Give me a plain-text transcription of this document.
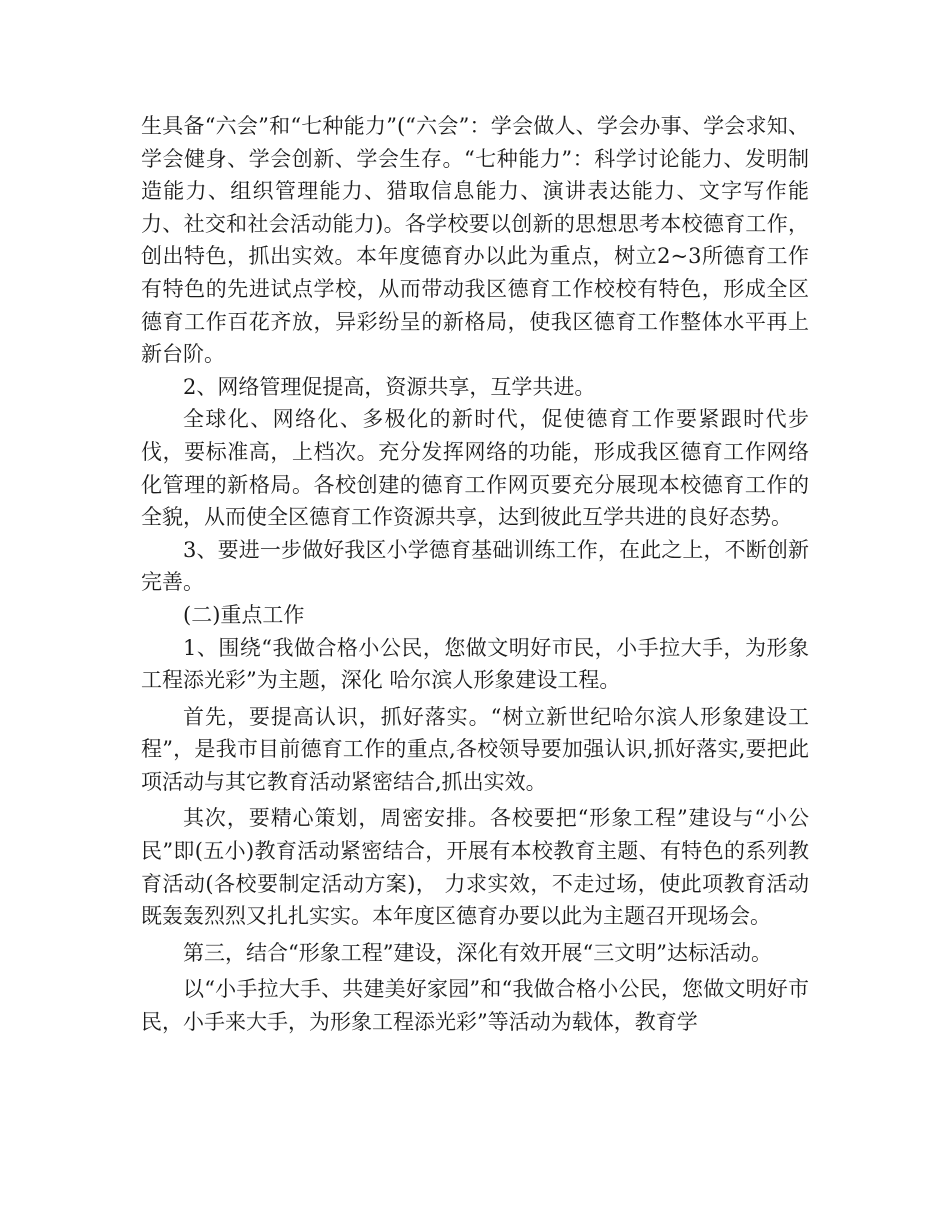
生具备“六会”和“七种能力”(“六会”：学会做人、学会办事、学会求知、学会健身、学会创新、学会生存。“七种能力”：科学讨论能力、发明制造能力、组织管理能力、猎取信息能力、演讲表达能力、文字写作能力、社交和社会活动能力)。各学校要以创新的思想思考本校德育工作，创出特色，抓出实效。本年度德育办以此为重点，树立2~3所德育工作有特色的先进试点学校，从而带动我区德育工作校校有特色，形成全区德育工作百花齐放，异彩纷呈的新格局，使我区德育工作整体水平再上新台阶。

2、网络管理促提高，资源共享，互学共进。

全球化、网络化、多极化的新时代，促使德育工作要紧跟时代步伐，要标准高，上档次。充分发挥网络的功能，形成我区德育工作网络化管理的新格局。各校创建的德育工作网页要充分展现本校德育工作的全貌，从而使全区德育工作资源共享，达到彼此互学共进的良好态势。

3、要进一步做好我区小学德育基础训练工作，在此之上，不断创新完善。

(二)重点工作

1、围绕“我做合格小公民，您做文明好市民，小手拉大手，为形象工程添光彩”为主题，深化 哈尔滨人形象建设工程。

首先，要提高认识，抓好落实。“树立新世纪哈尔滨人形象建设工程”，是我市目前德育工作的重点,各校领导要加强认识,抓好落实,要把此项活动与其它教育活动紧密结合,抓出实效。

其次，要精心策划，周密安排。各校要把“形象工程”建设与“小公民”即(五小)教育活动紧密结合，开展有本校教育主题、有特色的系列教育活动(各校要制定活动方案)， 力求实效，不走过场，使此项教育活动既轰轰烈烈又扎扎实实。本年度区德育办要以此为主题召开现场会。

第三，结合“形象工程”建设，深化有效开展“三文明”达标活动。

以“小手拉大手、共建美好家园”和“我做合格小公民，您做文明好市民，小手来大手，为形象工程添光彩”等活动为载体，教育学
